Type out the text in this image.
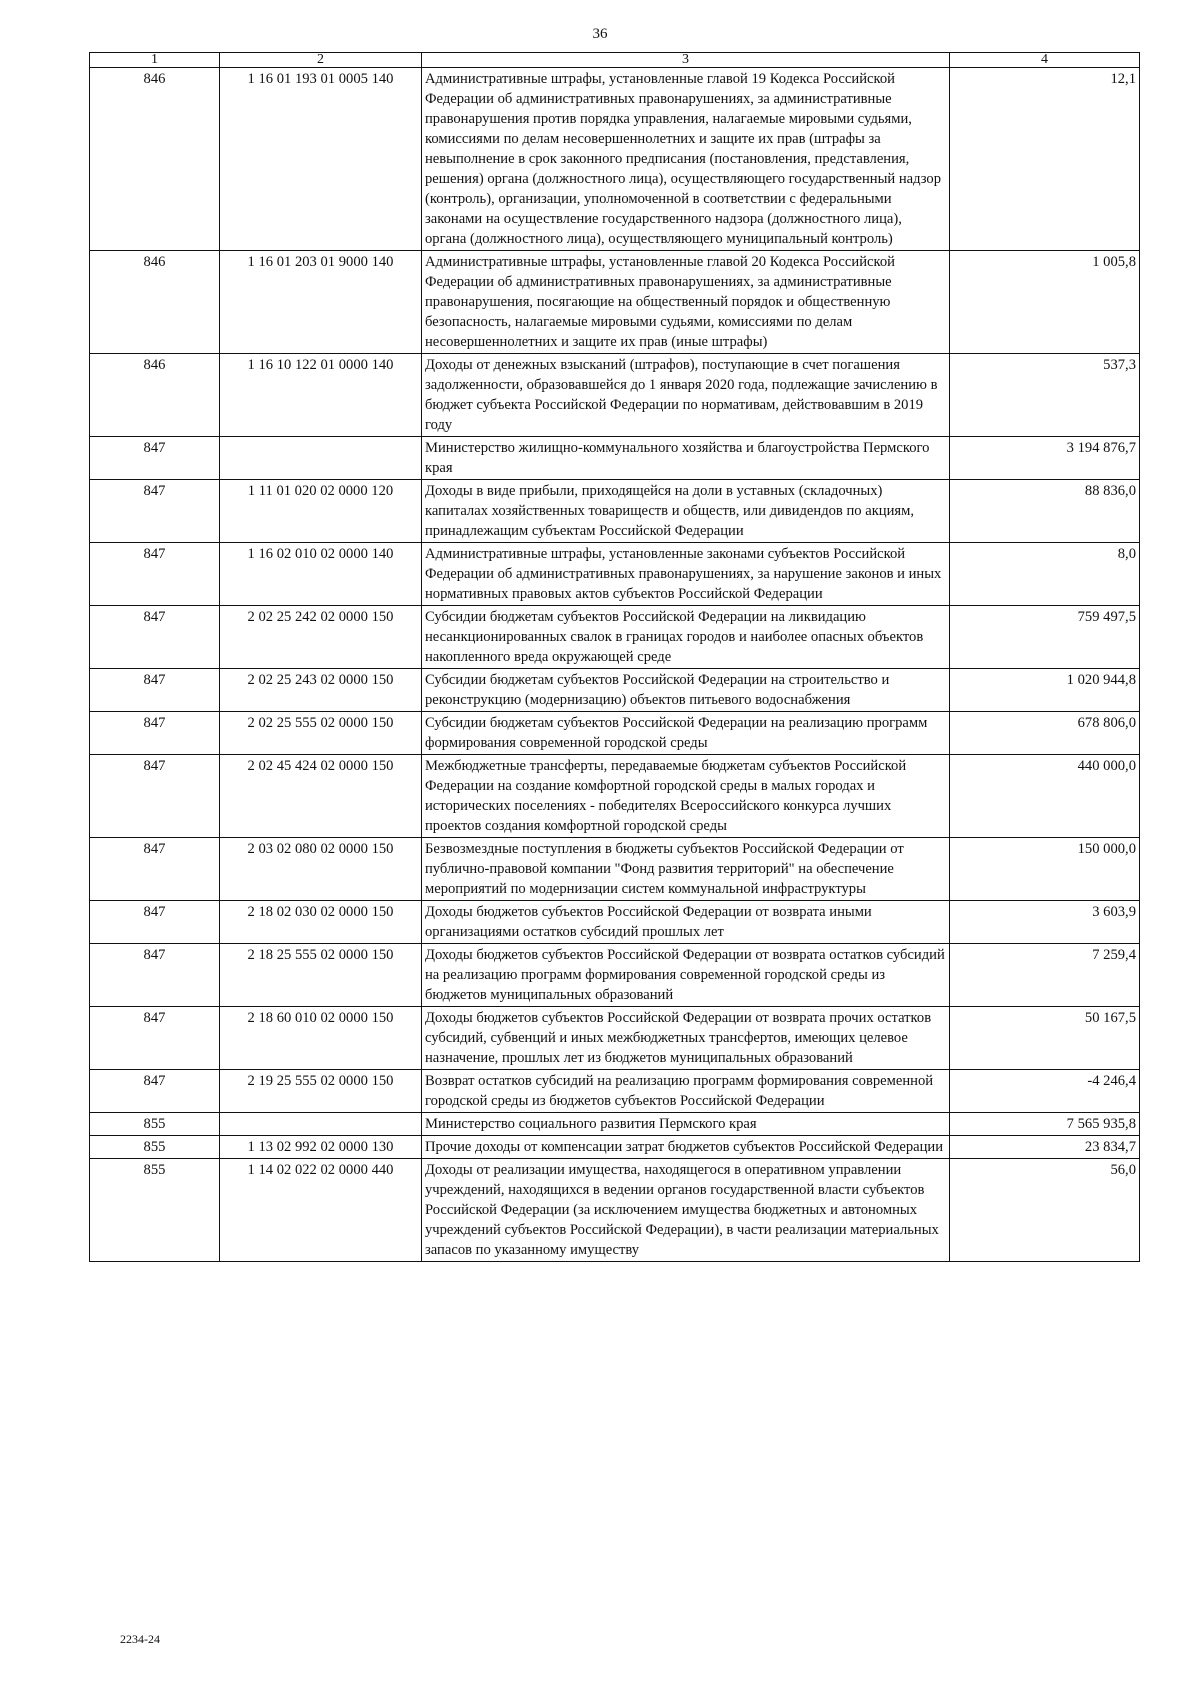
36
1	2	3	4
846	1 16 01 193 01 0005 140	Административные штрафы, установленные главой 19 Кодекса Российской Федерации об административных правонарушениях, за административные правонарушения против порядка управления, налагаемые мировыми судьями, комиссиями по делам несовершеннолетних и защите их прав (штрафы за невыполнение в срок законного предписания (постановления, представления, решения) органа (должностного лица), осуществляющего государственный надзор (контроль), организации, уполномоченной в соответствии с федеральными законами на осуществление государственного надзора (должностного лица), органа (должностного лица), осуществляющего муниципальный контроль)	12,1
846	1 16 01 203 01 9000 140	Административные штрафы, установленные главой 20 Кодекса Российской Федерации об административных правонарушениях, за административные правонарушения, посягающие на общественный порядок и общественную безопасность, налагаемые мировыми судьями, комиссиями по делам несовершеннолетних и защите их прав (иные штрафы)	1 005,8
846	1 16 10 122 01 0000 140	Доходы от денежных взысканий (штрафов), поступающие в счет погашения задолженности, образовавшейся до 1 января 2020 года, подлежащие зачислению в бюджет субъекта Российской Федерации по нормативам, действовавшим в 2019 году	537,3
847		Министерство жилищно-коммунального хозяйства и благоустройства Пермского края	3 194 876,7
847	1 11 01 020 02 0000 120	Доходы в виде прибыли, приходящейся на доли в уставных (складочных) капиталах хозяйственных товариществ и обществ, или дивидендов по акциям, принадлежащим субъектам Российской Федерации	88 836,0
847	1 16 02 010 02 0000 140	Административные штрафы, установленные законами субъектов Российской Федерации об административных правонарушениях, за нарушение законов и иных нормативных правовых актов субъектов Российской Федерации	8,0
847	2 02 25 242 02 0000 150	Субсидии бюджетам субъектов Российской Федерации на ликвидацию несанкционированных свалок в границах городов и наиболее опасных объектов накопленного вреда окружающей среде	759 497,5
847	2 02 25 243 02 0000 150	Субсидии бюджетам субъектов Российской Федерации на строительство и реконструкцию (модернизацию) объектов питьевого водоснабжения	1 020 944,8
847	2 02 25 555 02 0000 150	Субсидии бюджетам субъектов Российской Федерации на реализацию программ формирования современной городской среды	678 806,0
847	2 02 45 424 02 0000 150	Межбюджетные трансферты, передаваемые бюджетам субъектов Российской Федерации на создание комфортной городской среды в малых городах и исторических поселениях - победителях Всероссийского конкурса лучших проектов создания комфортной городской среды	440 000,0
847	2 03 02 080 02 0000 150	Безвозмездные поступления в бюджеты субъектов Российской Федерации от публично-правовой компании "Фонд развития территорий" на обеспечение мероприятий по модернизации систем коммунальной инфраструктуры	150 000,0
847	2 18 02 030 02 0000 150	Доходы бюджетов субъектов Российской Федерации от возврата иными организациями остатков субсидий прошлых лет	3 603,9
847	2 18 25 555 02 0000 150	Доходы бюджетов субъектов Российской Федерации от возврата остатков субсидий на реализацию программ формирования современной городской среды из бюджетов муниципальных образований	7 259,4
847	2 18 60 010 02 0000 150	Доходы бюджетов субъектов Российской Федерации от возврата прочих остатков субсидий, субвенций и иных межбюджетных трансфертов, имеющих целевое назначение, прошлых лет из бюджетов муниципальных образований	50 167,5
847	2 19 25 555 02 0000 150	Возврат остатков субсидий на реализацию программ формирования современной городской среды из бюджетов субъектов Российской Федерации	-4 246,4
855		Министерство социального развития Пермского края	7 565 935,8
855	1 13 02 992 02 0000 130	Прочие доходы от компенсации затрат бюджетов субъектов Российской Федерации	23 834,7
855	1 14 02 022 02 0000 440	Доходы от реализации имущества, находящегося в оперативном управлении учреждений, находящихся в ведении органов государственной власти субъектов Российской Федерации (за исключением имущества бюджетных и автономных учреждений субъектов Российской Федерации), в части реализации материальных запасов по указанному имуществу	56,0
2234-24
